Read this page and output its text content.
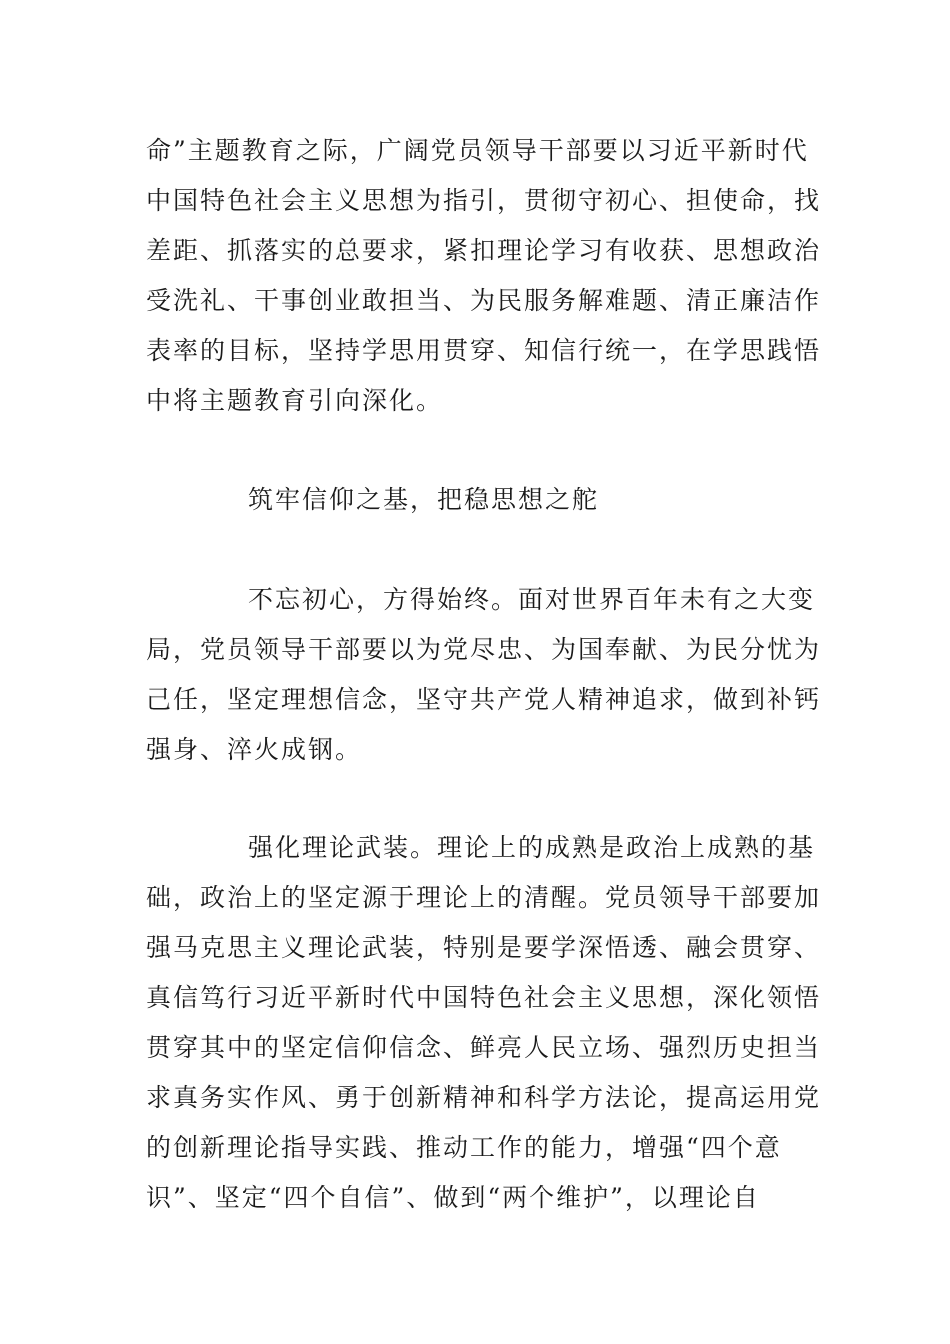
命”主题教育之际，广阔党员领导干部要以习近平新时代
中国特色社会主义思想为指引，贯彻守初心、担使命，找
差距、抓落实的总要求，紧扣理论学习有收获、思想政治
受洗礼、干事创业敢担当、为民服务解难题、清正廉洁作
表率的目标，坚持学思用贯穿、知信行统一，在学思践悟
中将主题教育引向深化。
筑牢信仰之基，把稳思想之舵
不忘初心，方得始终。面对世界百年未有之大变
局，党员领导干部要以为党尽忠、为国奉献、为民分忧为
己任，坚定理想信念，坚守共产党人精神追求，做到补钙
强身、淬火成钢。
强化理论武装。理论上的成熟是政治上成熟的基
础，政治上的坚定源于理论上的清醒。党员领导干部要加
强马克思主义理论武装，特别是要学深悟透、融会贯穿、
真信笃行习近平新时代中国特色社会主义思想，深化领悟
贯穿其中的坚定信仰信念、鲜亮人民立场、强烈历史担当
求真务实作风、勇于创新精神和科学方法论，提高运用党
的创新理论指导实践、推动工作的能力，增强“四个意
识”、坚定“四个自信”、做到“两个维护”，以理论自
